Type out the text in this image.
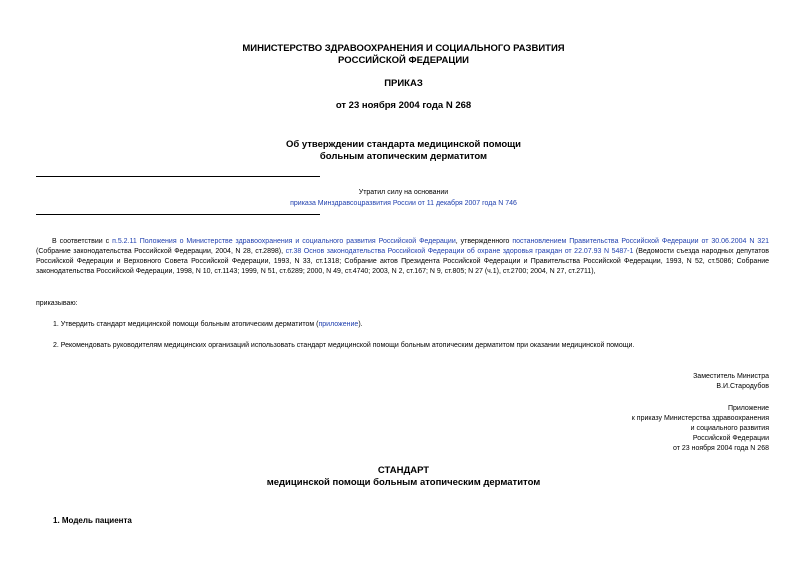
МИНИСТЕРСТВО ЗДРАВООХРАНЕНИЯ И СОЦИАЛЬНОГО РАЗВИТИЯ
РОССИЙСКОЙ ФЕДЕРАЦИИ
ПРИКАЗ
от 23 ноября 2004 года N 268
Об утверждении стандарта медицинской помощи
больным атопическим дерматитом
Утратил силу на основании
приказа Минздравсоцразвития России от 11 декабря 2007 года N 746
В соответствии с п.5.2.11 Положения о Министерстве здравоохранения и социального развития Российской Федерации, утвержденного постановлением Правительства Российской Федерации от 30.06.2004 N 321 (Собрание законодательства Российской Федерации, 2004, N 28, ст.2898), ст.38 Основ законодательства Российской Федерации об охране здоровья граждан от 22.07.93 N 5487-1 (Ведомости съезда народных депутатов Российской Федерации и Верховного Совета Российской Федерации, 1993, N 33, ст.1318; Собрание актов Президента Российской Федерации и Правительства Российской Федерации, 1993, N 52, ст.5086; Собрание законодательства Российской Федерации, 1998, N 10, ст.1143; 1999, N 51, ст.6289; 2000, N 49, ст.4740; 2003, N 2, ст.167; N 9, ст.805; N 27 (ч.1), ст.2700; 2004, N 27, ст.2711),
приказываю:
1. Утвердить стандарт медицинской помощи больным атопическим дерматитом (приложение).
2. Рекомендовать руководителям медицинских организаций использовать стандарт медицинской помощи больным атопическим дерматитом при оказании медицинской помощи.
Заместитель Министра
В.И.Стародубов
Приложение
к приказу Министерства здравоохранения
и социального развития
Российской Федерации
от 23 ноября 2004 года N 268
СТАНДАРТ
медицинской помощи больным атопическим дерматитом
1. Модель пациента
